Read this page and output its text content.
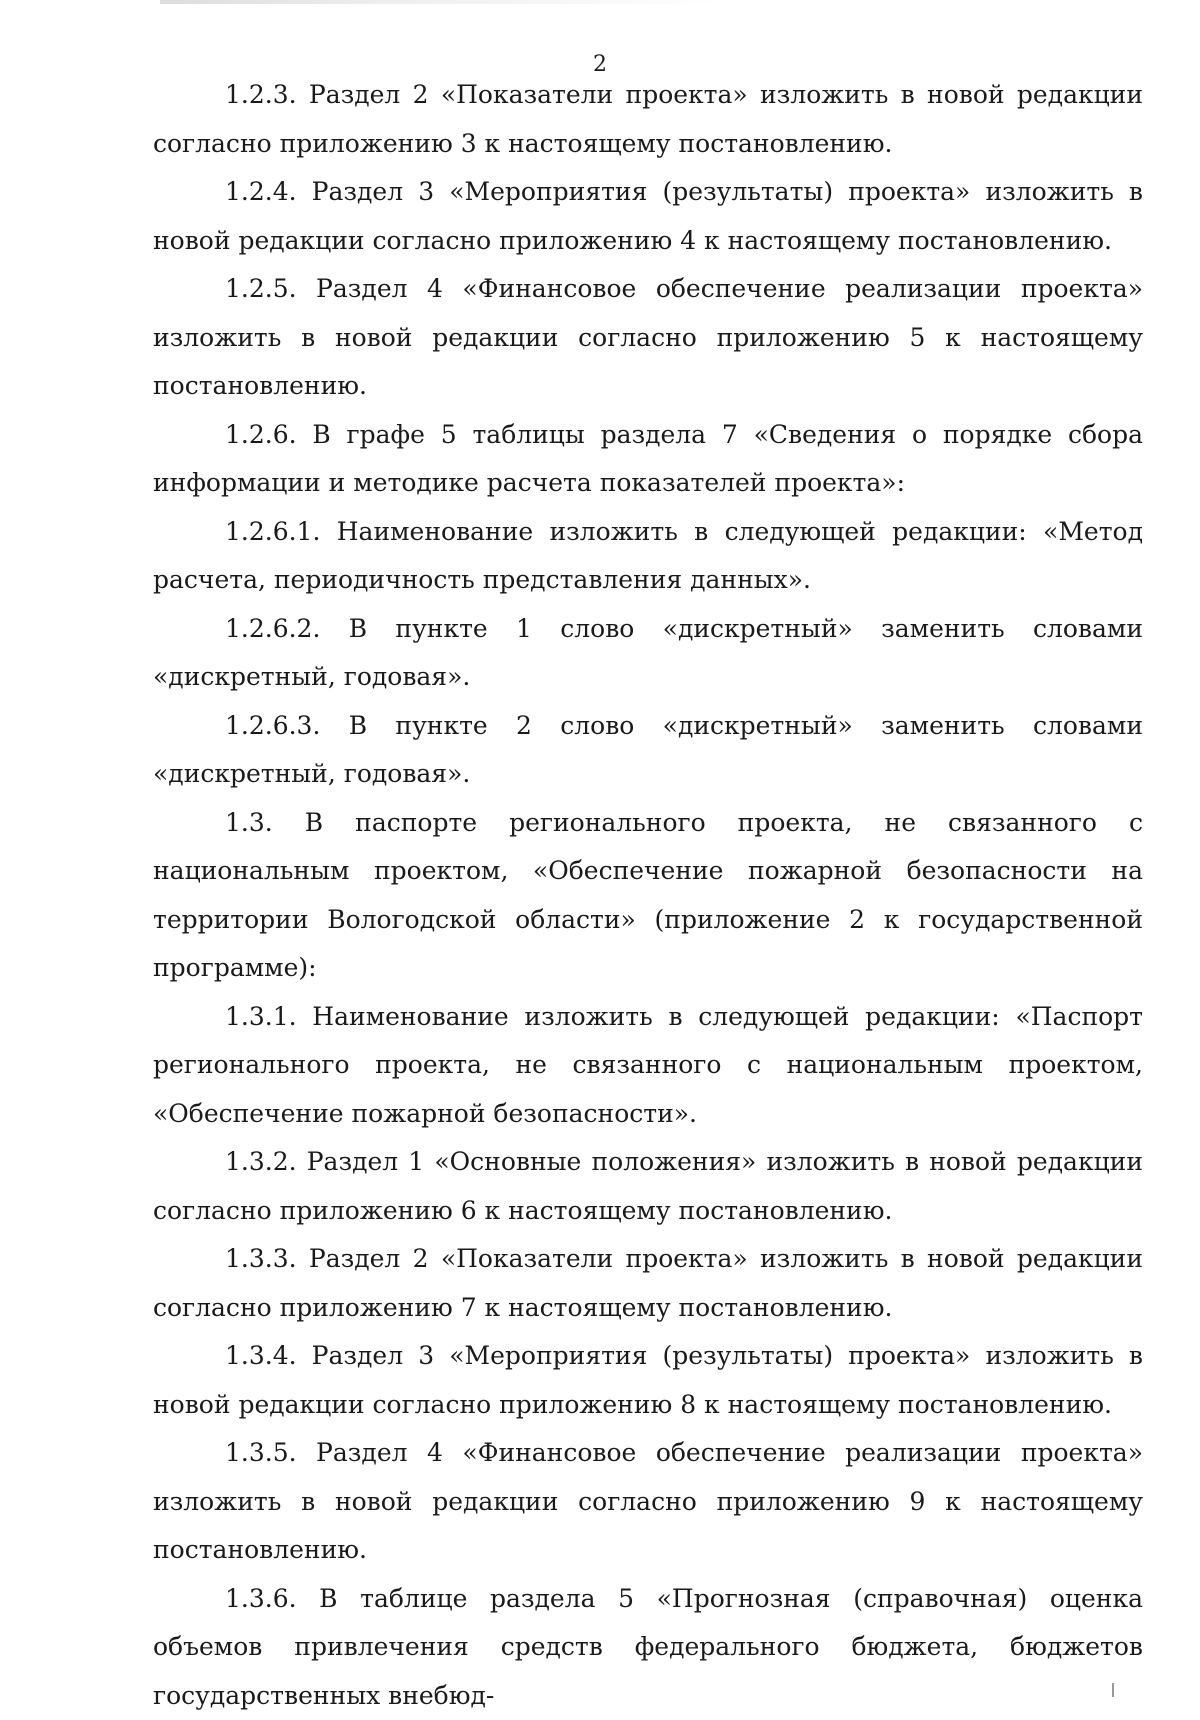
2

1.2.3. Раздел 2 «Показатели проекта» изложить в новой редакции согласно приложению 3 к настоящему постановлению.

1.2.4. Раздел 3 «Мероприятия (результаты) проекта» изложить в новой редакции согласно приложению 4 к настоящему постановлению.

1.2.5. Раздел 4 «Финансовое обеспечение реализации проекта» изложить в новой редакции согласно приложению 5 к настоящему постановлению.

1.2.6. В графе 5 таблицы раздела 7 «Сведения о порядке сбора информации и методике расчета показателей проекта»:

1.2.6.1. Наименование изложить в следующей редакции: «Метод расчета, периодичность представления данных».

1.2.6.2. В пункте 1 слово «дискретный» заменить словами «дискретный, годовая».

1.2.6.3. В пункте 2 слово «дискретный» заменить словами «дискретный, годовая».

1.3. В паспорте регионального проекта, не связанного с национальным проектом, «Обеспечение пожарной безопасности на территории Вологодской области» (приложение 2 к государственной программе):

1.3.1. Наименование изложить в следующей редакции: «Паспорт регионального проекта, не связанного с национальным проектом, «Обеспечение пожарной безопасности».

1.3.2. Раздел 1 «Основные положения» изложить в новой редакции согласно приложению 6 к настоящему постановлению.

1.3.3. Раздел 2 «Показатели проекта» изложить в новой редакции согласно приложению 7 к настоящему постановлению.

1.3.4. Раздел 3 «Мероприятия (результаты) проекта» изложить в новой редакции согласно приложению 8 к настоящему постановлению.

1.3.5. Раздел 4 «Финансовое обеспечение реализации проекта» изложить в новой редакции согласно приложению 9 к настоящему постановлению.

1.3.6. В таблице раздела 5 «Прогнозная (справочная) оценка объемов привлечения средств федерального бюджета, бюджетов государственных внебюд-
